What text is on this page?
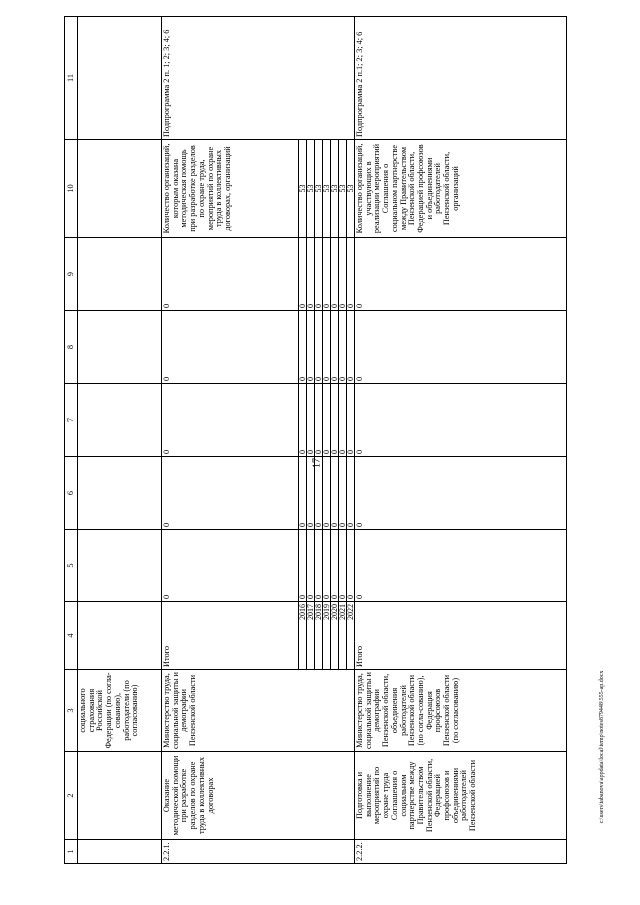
17
c:\users\tabanova\appdata\local\temp\notes879448\555-ap.docx
1	2	3	4	5	6	7	8	9	10	11
		социального страхования Российской Федерации (по согла-сованию), работодатели (по согласованию)								
2.2.1.	Оказание методической помощи при разработке разделов по охране труда в коллективных договорах	Министерство труда, социальной защиты и демографии Пензенской области	Итого	0	0	0	0	0	Количество организаций, которым оказана методическая помощь при разработке разделов по охране труда, мероприятий по охране труда в коллективных договорах, организаций	Подпрограмма 2 п. 1; 2; 3; 4; 6
			2016	0	0	0	0	0	53	
			2017	0	0	0	0	0	53	
			2018	0	0	0	0	0	53	
			2019	0	0	0	0	0	53	
			2020	0	0	0	0	0	53	
			2021	0	0	0	0	0	53	
			2022	0	0	0	0	0	53	
2.2.2.	Подготовка и выполнение мероприятий по охране труда Соглашения о социальном партнерстве между Правительством Пензенской области, Федерацией профсоюзов и объединениями работодателей Пензенской области	Министерство труда, социальной защиты и демографии Пензенской области, объединения работодателей Пензенской области (по согла-сованию), Федерация профсоюзов Пензенской области (по согласованию)	Итого	0	0	0	0	0	Количество организаций, участвующих в реализации мероприятий Соглашения о социальном партнерстве между Правительством Пензенской области, Федерацией профсоюзов и объединениями работодателей Пензенской области, организаций	Подпрограмма 2 п.1; 2; 3; 4; 6
